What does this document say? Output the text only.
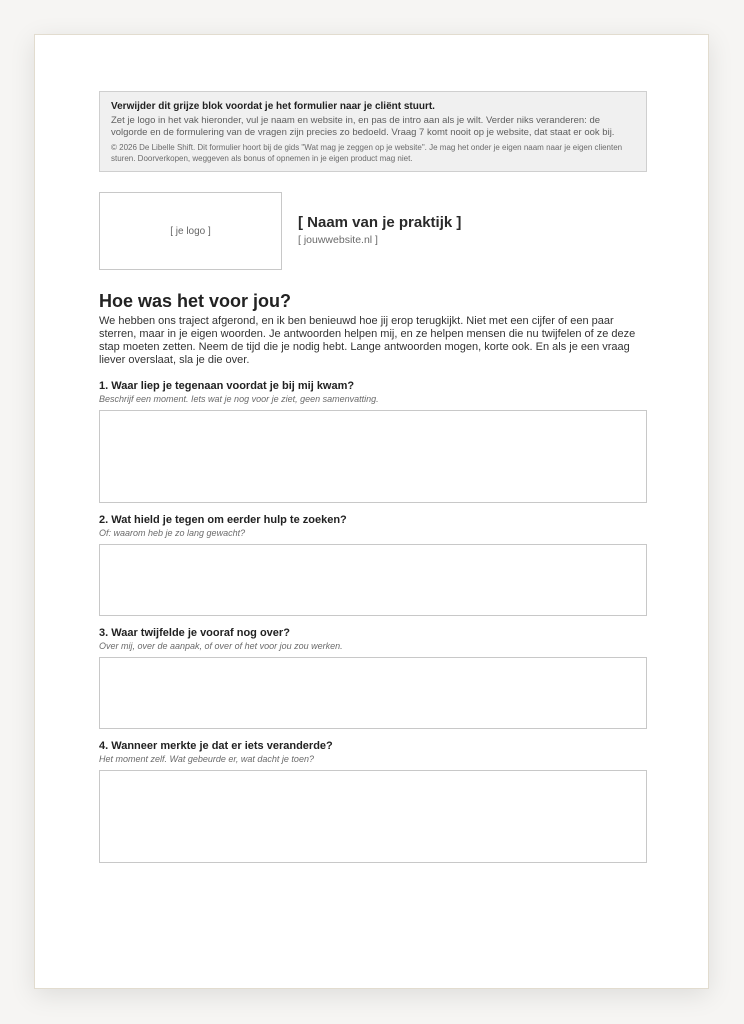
Verwijder dit grijze blok voordat je het formulier naar je cliënt stuurt.
Zet je logo in het vak hieronder, vul je naam en website in, en pas de intro aan als je wilt. Verder niks veranderen: de volgorde en de formulering van de vragen zijn precies zo bedoeld. Vraag 7 komt nooit op je website, dat staat er ook bij.
© 2026 De Libelle Shift. Dit formulier hoort bij de gids "Wat mag je zeggen op je website". Je mag het onder je eigen naam naar je eigen clienten sturen. Doorverkopen, weggeven als bonus of opnemen in je eigen product mag niet.
[ je logo ]	[ Naam van je praktijk ]
[ jouwwebsite.nl ]
Hoe was het voor jou?
We hebben ons traject afgerond, en ik ben benieuwd hoe jij erop terugkijkt. Niet met een cijfer of een paar sterren, maar in je eigen woorden. Je antwoorden helpen mij, en ze helpen mensen die nu twijfelen of ze deze stap moeten zetten. Neem de tijd die je nodig hebt. Lange antwoorden mogen, korte ook. En als je een vraag liever overslaat, sla je die over.
1. Waar liep je tegenaan voordat je bij mij kwam?
Beschrijf een moment. Iets wat je nog voor je ziet, geen samenvatting.
2. Wat hield je tegen om eerder hulp te zoeken?
Of: waarom heb je zo lang gewacht?
3. Waar twijfelde je vooraf nog over?
Over mij, over de aanpak, of over of het voor jou zou werken.
4. Wanneer merkte je dat er iets veranderde?
Het moment zelf. Wat gebeurde er, wat dacht je toen?
